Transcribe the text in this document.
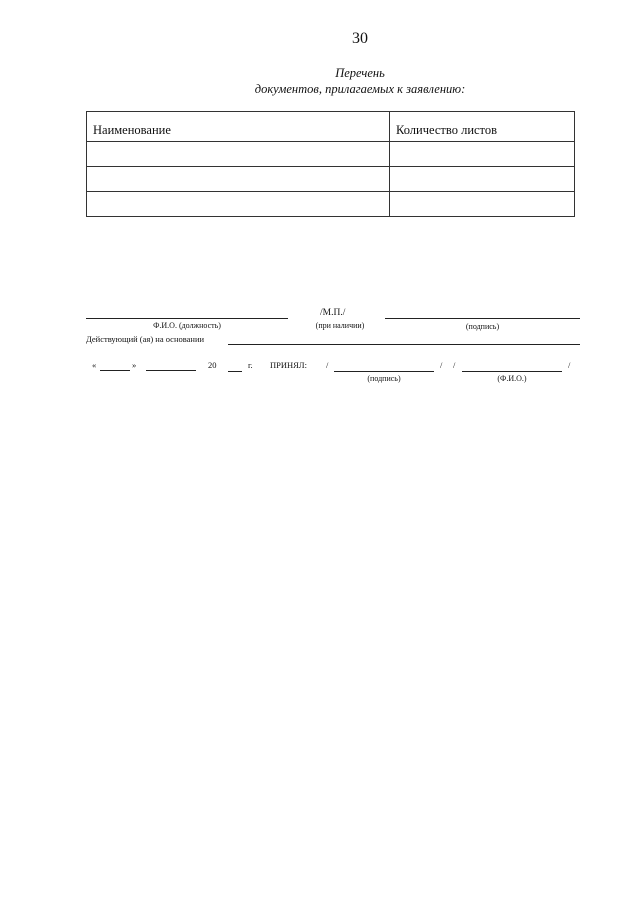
30
Перечень
документов, прилагаемых к заявлению:
Наименование	Количество листов

Ф.И.О. (должность)
/М.П./
(при наличии)	(подпись)
Действующий (ая) на основании
«	»	20	г. ПРИНЯЛ: /
(подпись)
/ /
(Ф.И.О.)
/
